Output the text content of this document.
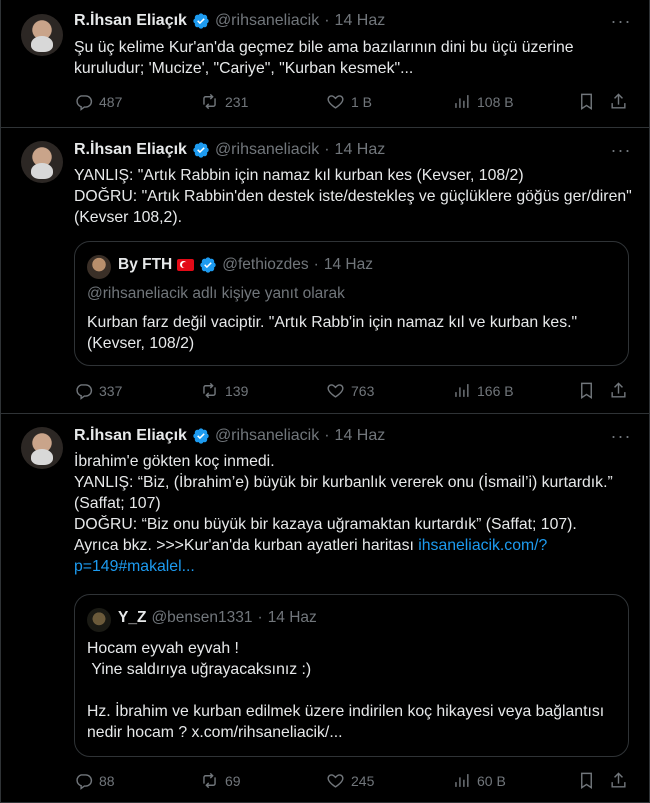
R.İhsan Eliaçık @rihsaneliacik · 14 Haz	···
Şu üç kelime Kur'an'da geçmez bile ama bazılarının dini bu üçü üzerine kuruludur; 'Mucize', "Cariye", "Kurban kesmek"...
487	231	1 B	108 B
R.İhsan Eliaçık @rihsaneliacik · 14 Haz	···
YANLIŞ: "Artık Rabbin için namaz kıl kurban kes (Kevser, 108/2)
DOĞRU: "Artık Rabbin'den destek iste/destekleş ve güçlüklere göğüs ger/diren" (Kevser 108,2).
By FTH	@fethiozdes · 14 Haz
@rihsaneliacik adlı kişiye yanıt olarak
Kurban farz değil vaciptir. "Artık Rabb'in için namaz kıl ve kurban kes." (Kevser, 108/2)
337	139	763	166 B
R.İhsan Eliaçık @rihsaneliacik · 14 Haz	···
İbrahim'e gökten koç inmedi.
YANLIŞ: “Biz, (İbrahim’e) büyük bir kurbanlık vererek onu (İsmail’i) kurtardık.” (Saffat; 107)
DOĞRU: “Biz onu büyük bir kazaya uğramaktan kurtardık” (Saffat; 107).
Ayrıca bkz. >>>Kur'an'da kurban ayatleri haritası ihsaneliacik.com/? p=149#makalel...
Y_Z @bensen1331 · 14 Haz
Hocam eyvah eyvah !
Yine saldırıya uğrayacaksınız :)

Hz. İbrahim ve kurban edilmek üzere indirilen koç hikayesi veya bağlantısı nedir hocam ? x.com/rihsaneliacik/...
88	69	245	60 B
